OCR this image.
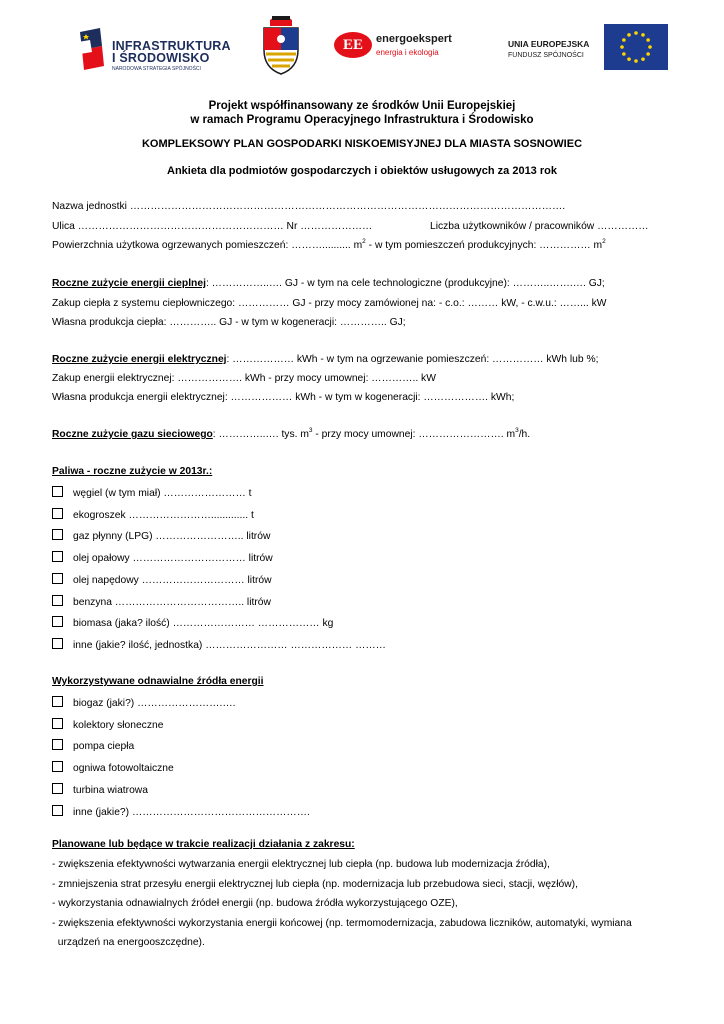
INFRASTRUKTURA
I ŚRODOWISKO
NARODOWA STRATEGIA SPÓJNOŚCI
EE	energoekspert
energia i ekologia
UNIA EUROPEJSKA
FUNDUSZ SPÓJNOŚCI
Projekt współfinansowany ze środków Unii Europejskiej
w ramach Programu Operacyjnego Infrastruktura i Środowisko
KOMPLEKSOWY PLAN GOSPODARKI NISKOEMISYJNEJ DLA MIASTA SOSNOWIEC
Ankieta dla podmiotów gospodarczych i obiektów usługowych za 2013 rok
Nazwa jednostki ……………………………………………………………………………………………………………….
Ulica …………………………………………………… Nr …………………	Liczba użytkowników / pracowników ……………
Powierzchnia użytkowa ogrzewanych pomieszczeń: ……….......... $m^2$ - w tym pomieszczeń produkcyjnych: …………… $m^2$
Roczne zużycie energii cieplnej: ……………..…. GJ - w tym na cele technologiczne (produkcyjne): ………..…….…. GJ;
Zakup ciepła z systemu ciepłowniczego: …………… GJ - przy mocy zamówionej na: - c.o.: ……… kW, - c.w.u.: ……... kW
Własna produkcja ciepła: ………….. GJ - w tym w kogeneracji: ………….. GJ;
Roczne zużycie energii elektrycznej: ……………… kWh - w tym na ogrzewanie pomieszczeń: …………… kWh lub %;
Zakup energii elektrycznej: ………………. kWh - przy mocy umownej: ………….. kW
Własna produkcja energii elektrycznej: ……………… kWh - w tym w kogeneracji: ………………. kWh;
Roczne zużycie gazu sieciowego: …………..…. tys. $m^3$ - przy mocy umownej: ……………………. $m^3/h$.
Paliwa - roczne zużycie w 2013r.:
węgiel (w tym miał) …………………… t
ekogroszek ……………………............. t
gaz płynny (LPG) …………………….. litrów
olej opałowy …………………………… litrów
olej napędowy ………………………… litrów
benzyna ……………………………….. litrów
biomasa (jaka? ilość) …………………… ……………… kg
inne (jakie? ilość, jednostka) …………………… ……………… ………
Wykorzystywane odnawialne źródła energii
biogaz (jaki?) …………………….….
kolektory słoneczne
pompa ciepła
ogniwa fotowoltaiczne
turbina wiatrowa
inne (jakie?) …………………………………………….
Planowane lub będące w trakcie realizacji działania z zakresu:
- zwiększenia efektywności wytwarzania energii elektrycznej lub ciepła (np. budowa lub modernizacja źródła),
- zmniejszenia strat przesyłu energii elektrycznej lub ciepła (np. modernizacja lub przebudowa sieci, stacji, węzłów),
- wykorzystania odnawialnych źródeł energii (np. budowa źródła wykorzystującego OZE),
- zwiększenia efektywności wykorzystania energii końcowej (np. termomodernizacja, zabudowa liczników, automatyki, wymiana
urządzeń na energooszczędne).
